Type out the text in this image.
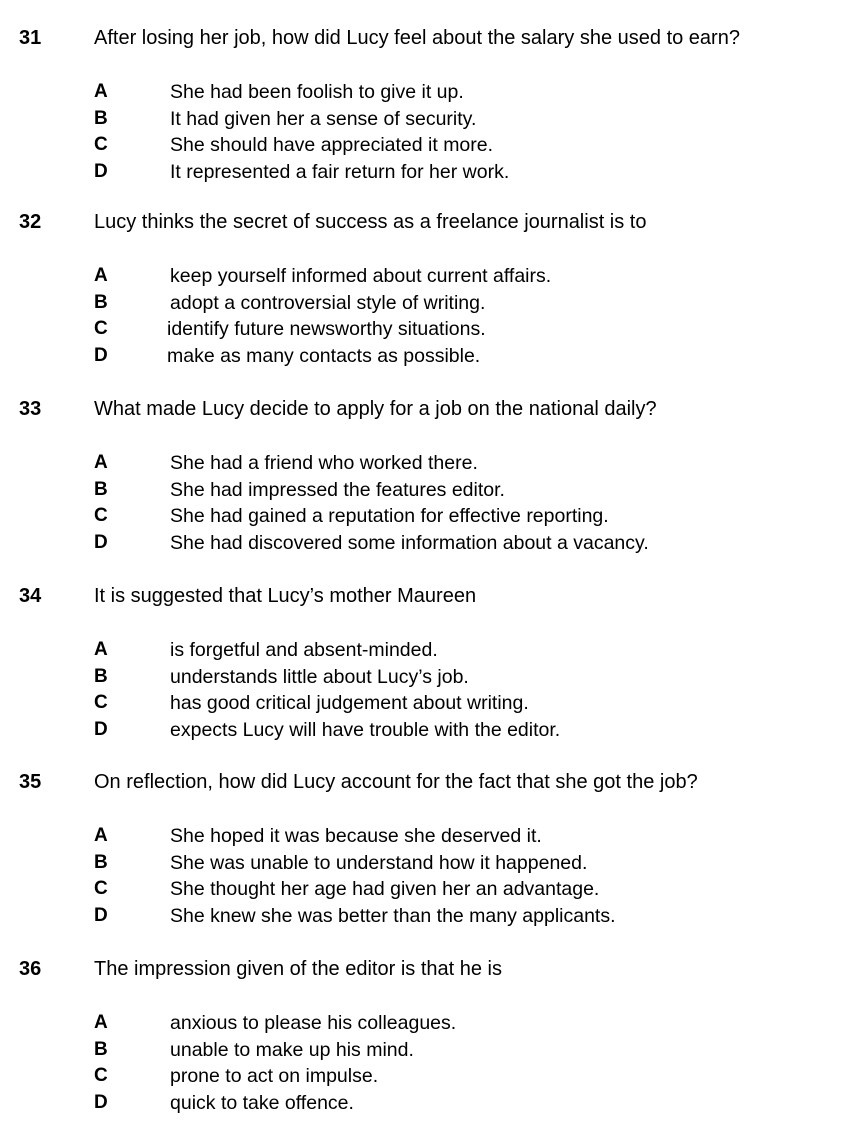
31	After losing her job, how did Lucy feel about the salary she used to earn?
A	She had been foolish to give it up.
B	It had given her a sense of security.
C	She should have appreciated it more.
D	It represented a fair return for her work.
32	Lucy thinks the secret of success as a freelance journalist is to
A	keep yourself informed about current affairs.
B	adopt a controversial style of writing.
C	identify future newsworthy situations.
D	make as many contacts as possible.
33	What made Lucy decide to apply for a job on the national daily?
A	She had a friend who worked there.
B	She had impressed the features editor.
C	She had gained a reputation for effective reporting.
D	She had discovered some information about a vacancy.
34	It is suggested that Lucy’s mother Maureen
A	is forgetful and absent-minded.
B	understands little about Lucy’s job.
C	has good critical judgement about writing.
D	expects Lucy will have trouble with the editor.
35	On reflection, how did Lucy account for the fact that she got the job?
A	She hoped it was because she deserved it.
B	She was unable to understand how it happened.
C	She thought her age had given her an advantage.
D	She knew she was better than the many applicants.
36	The impression given of the editor is that he is
A	anxious to please his colleagues.
B	unable to make up his mind.
C	prone to act on impulse.
D	quick to take offence.
